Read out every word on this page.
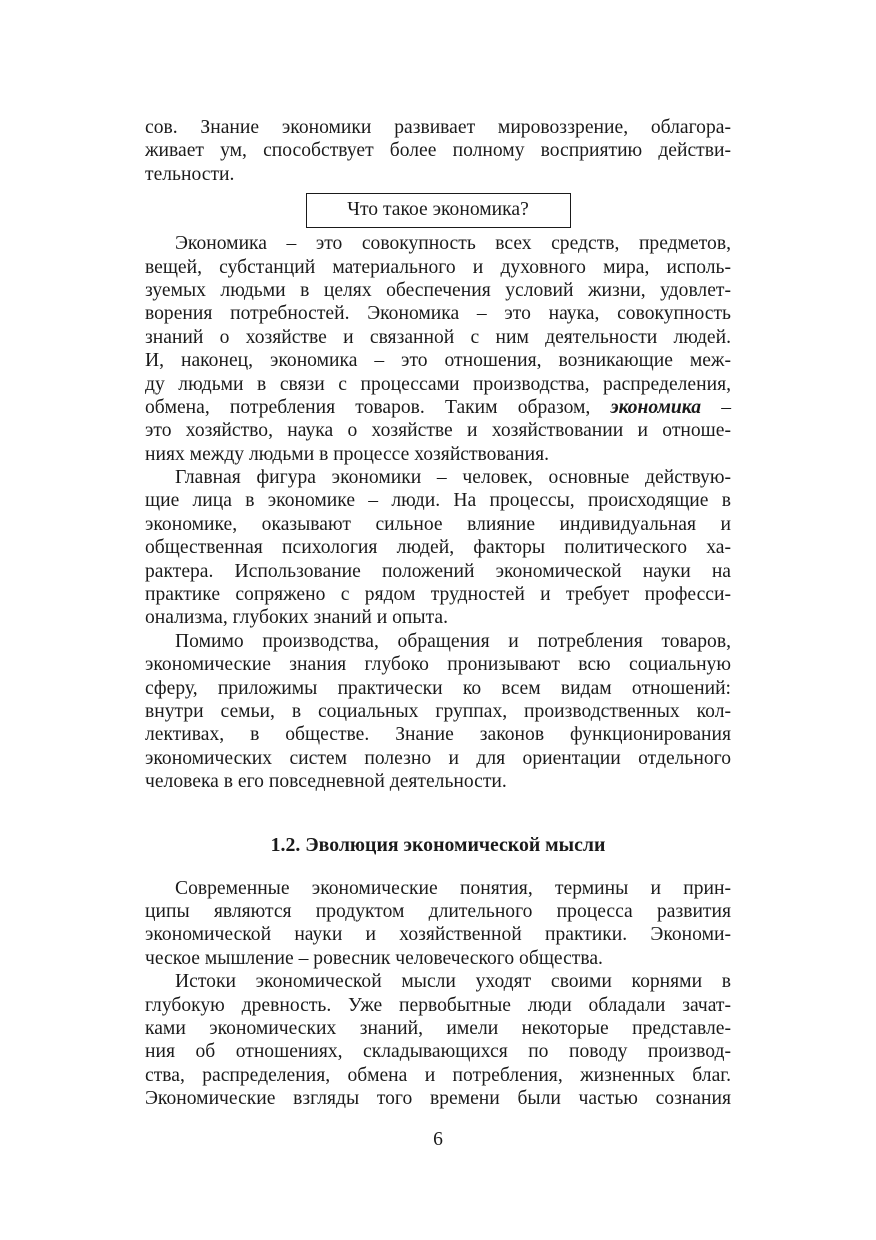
сов. Знание экономики развивает мировоззрение, облагора-
живает ум, способствует более полному восприятию действи-
тельности.

Что такое экономика?

Экономика – это совокупность всех средств, предметов,
вещей, субстанций материального и духовного мира, исполь-
зуемых людьми в целях обеспечения условий жизни, удовлет-
ворения потребностей. Экономика – это наука, совокупность
знаний о хозяйстве и связанной с ним деятельности людей.
И, наконец, экономика – это отношения, возникающие меж-
ду людьми в связи с процессами производства, распределения,
обмена, потребления товаров. Таким образом, экономика –
это хозяйство, наука о хозяйстве и хозяйствовании и отноше-
ниях между людьми в процессе хозяйствования.

Главная фигура экономики – человек, основные действую-
щие лица в экономике – люди. На процессы, происходящие в
экономике, оказывают сильное влияние индивидуальная и
общественная психология людей, факторы политического ха-
рактера. Использование положений экономической науки на
практике сопряжено с рядом трудностей и требует професси-
онализма, глубоких знаний и опыта.

Помимо производства, обращения и потребления товаров,
экономические знания глубоко пронизывают всю социальную
сферу, приложимы практически ко всем видам отношений:
внутри семьи, в социальных группах, производственных кол-
лективах, в обществе. Знание законов функционирования
экономических систем полезно и для ориентации отдельного
человека в его повседневной деятельности.

1.2. Эволюция экономической мысли

Современные экономические понятия, термины и прин-
ципы являются продуктом длительного процесса развития
экономической науки и хозяйственной практики. Экономи-
ческое мышление – ровесник человеческого общества.

Истоки экономической мысли уходят своими корнями в
глубокую древность. Уже первобытные люди обладали зачат-
ками экономических знаний, имели некоторые представле-
ния об отношениях, складывающихся по поводу производ-
ства, распределения, обмена и потребления, жизненных благ.
Экономические взгляды того времени были частью сознания

6
